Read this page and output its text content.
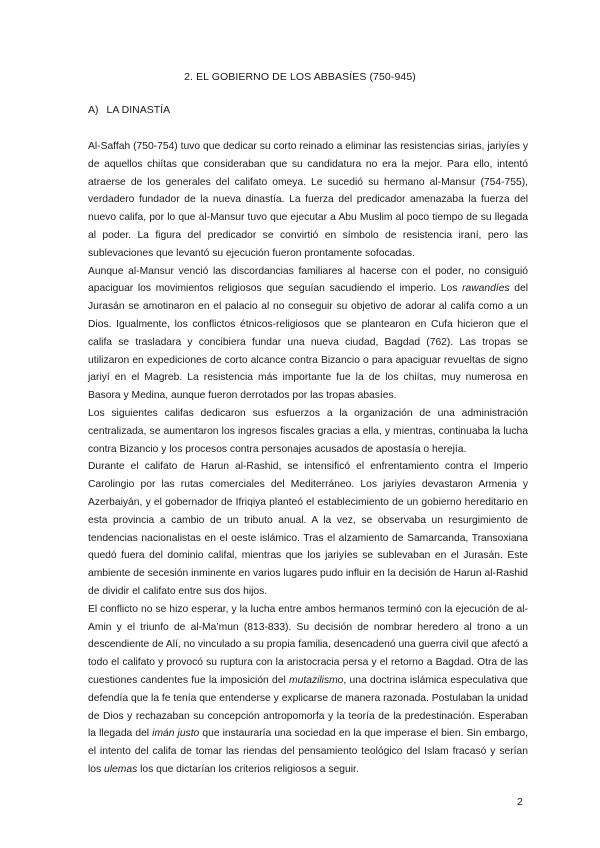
2. EL GOBIERNO DE LOS ABBASÍES (750-945)
A) LA DINASTÍA

Al-Saffah (750-754) tuvo que dedicar su corto reinado a eliminar las resistencias sirias, jariyíes y de aquellos chiítas que consideraban que su candidatura no era la mejor. Para ello, intentó atraerse de los generales del califato omeya. Le sucedió su hermano al-Mansur (754-755), verdadero fundador de la nueva dinastía. La fuerza del predicador amenazaba la fuerza del nuevo califa, por lo que al-Mansur tuvo que ejecutar a Abu Muslim al poco tiempo de su llegada al poder. La figura del predicador se convirtió en símbolo de resistencia iraní, pero las sublevaciones que levantó su ejecución fueron prontamente sofocadas.

Aunque al-Mansur venció las discordancias familiares al hacerse con el poder, no consiguió apaciguar los movimientos religiosos que seguían sacudiendo el imperio. Los rawandíes del Jurasán se amotinaron en el palacio al no conseguir su objetivo de adorar al califa como a un Dios. Igualmente, los conflictos étnicos-religiosos que se plantearon en Cufa hicieron que el califa se trasladara y concibiera fundar una nueva ciudad, Bagdad (762). Las tropas se utilizaron en expediciones de corto alcance contra Bizancio o para apaciguar revueltas de signo jariyí en el Magreb. La resistencia más importante fue la de los chiítas, muy numerosa en Basora y Medina, aunque fueron derrotados por las tropas abasíes.

Los siguientes califas dedicaron sus esfuerzos a la organización de una administración centralizada, se aumentaron los ingresos fiscales gracias a ella, y mientras, continuaba la lucha contra Bizancio y los procesos contra personajes acusados de apostasía o herejía.

Durante el califato de Harun al-Rashid, se intensificó el enfrentamiento contra el Imperio Carolingio por las rutas comerciales del Mediterráneo. Los jariyíes devastaron Armenia y Azerbaiyán, y el gobernador de Ifriqiya planteó el establecimiento de un gobierno hereditario en esta provincia a cambio de un tributo anual. A la vez, se observaba un resurgimiento de tendencias nacionalistas en el oeste islámico. Tras el alzamiento de Samarcanda, Transoxiana quedó fuera del dominio califal, mientras que los jariyíes se sublevaban en el Jurasán. Este ambiente de secesión inminente en varios lugares pudo influir en la decisión de Harun al-Rashid de dividir el califato entre sus dos hijos.

El conflicto no se hizo esperar, y la lucha entre ambos hermanos terminó con la ejecución de al-Amin y el triunfo de al-Ma’mun (813-833). Su decisión de nombrar heredero al trono a un descendiente de Alí, no vinculado a su propia familia, desencadenó una guerra civil que afectó a todo el califato y provocó su ruptura con la aristocracia persa y el retorno a Bagdad. Otra de las cuestiones candentes fue la imposición del mutazilismo, una doctrina islámica especulativa que defendía que la fe tenía que entenderse y explicarse de manera razonada. Postulaban la unidad de Dios y rechazaban su concepción antropomorfa y la teoría de la predestinación. Esperaban la llegada del imán justo que instauraría una sociedad en la que imperase el bien. Sin embargo, el intento del califa de tomar las riendas del pensamiento teológico del Islam fracasó y serían los ulemas los que dictarían los criterios religiosos a seguir.

2
